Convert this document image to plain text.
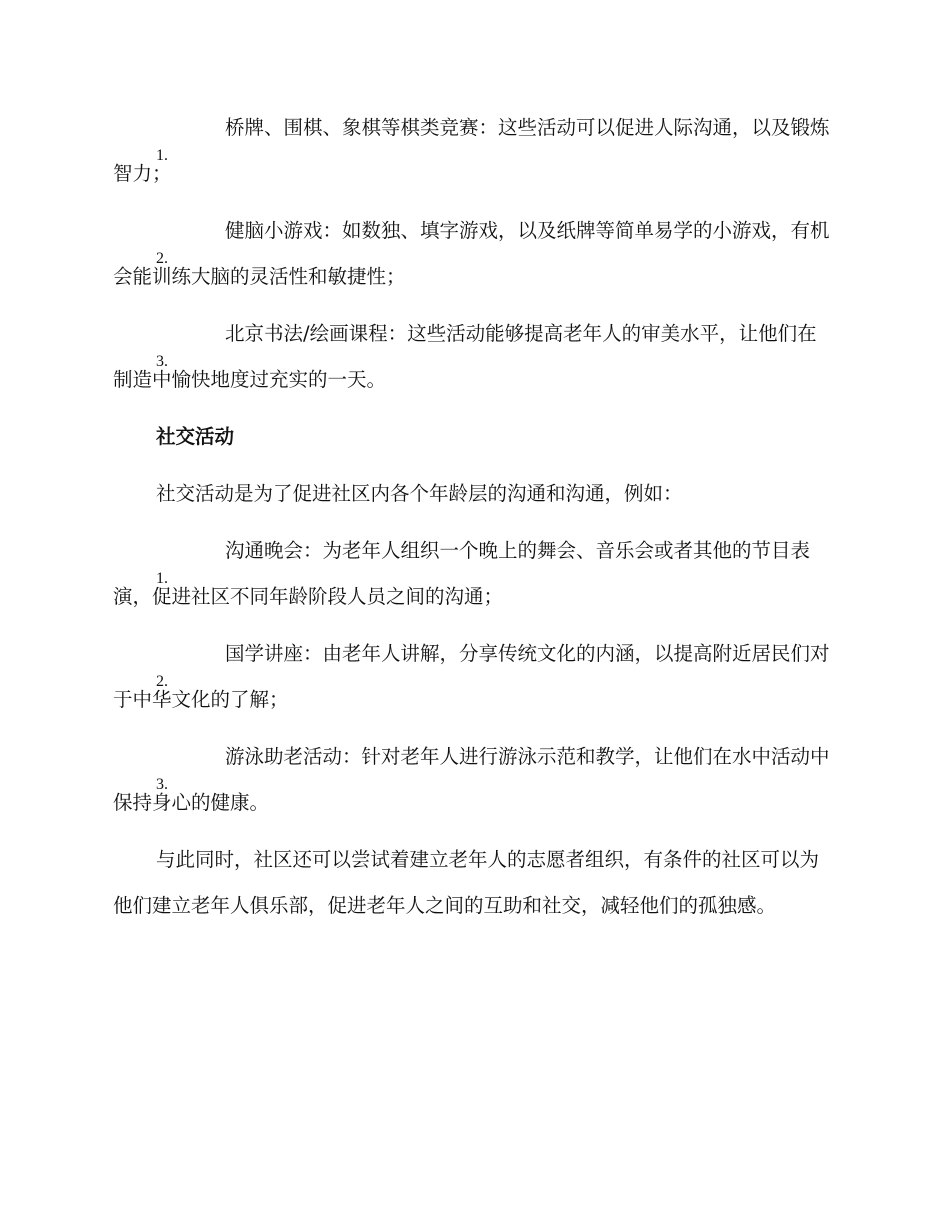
1.
桥牌、围棋、象棋等棋类竞赛：这些活动可以促进人际沟通，以及锻炼智力；

2.
健脑小游戏：如数独、填字游戏，以及纸牌等简单易学的小游戏，有机会能训练大脑的灵活性和敏捷性；

3.
北京书法/绘画课程：这些活动能够提高老年人的审美水平，让他们在制造中愉快地度过充实的一天。

社交活动

社交活动是为了促进社区内各个年龄层的沟通和沟通，例如：

1.
沟通晚会：为老年人组织一个晚上的舞会、音乐会或者其他的节目表演，促进社区不同年龄阶段人员之间的沟通；

2.
国学讲座：由老年人讲解，分享传统文化的内涵，以提高附近居民们对于中华文化的了解；

3.
游泳助老活动：针对老年人进行游泳示范和教学，让他们在水中活动中保持身心的健康。

与此同时，社区还可以尝试着建立老年人的志愿者组织，有条件的社区可以为他们建立老年人俱乐部，促进老年人之间的互助和社交，减轻他们的孤独感。
